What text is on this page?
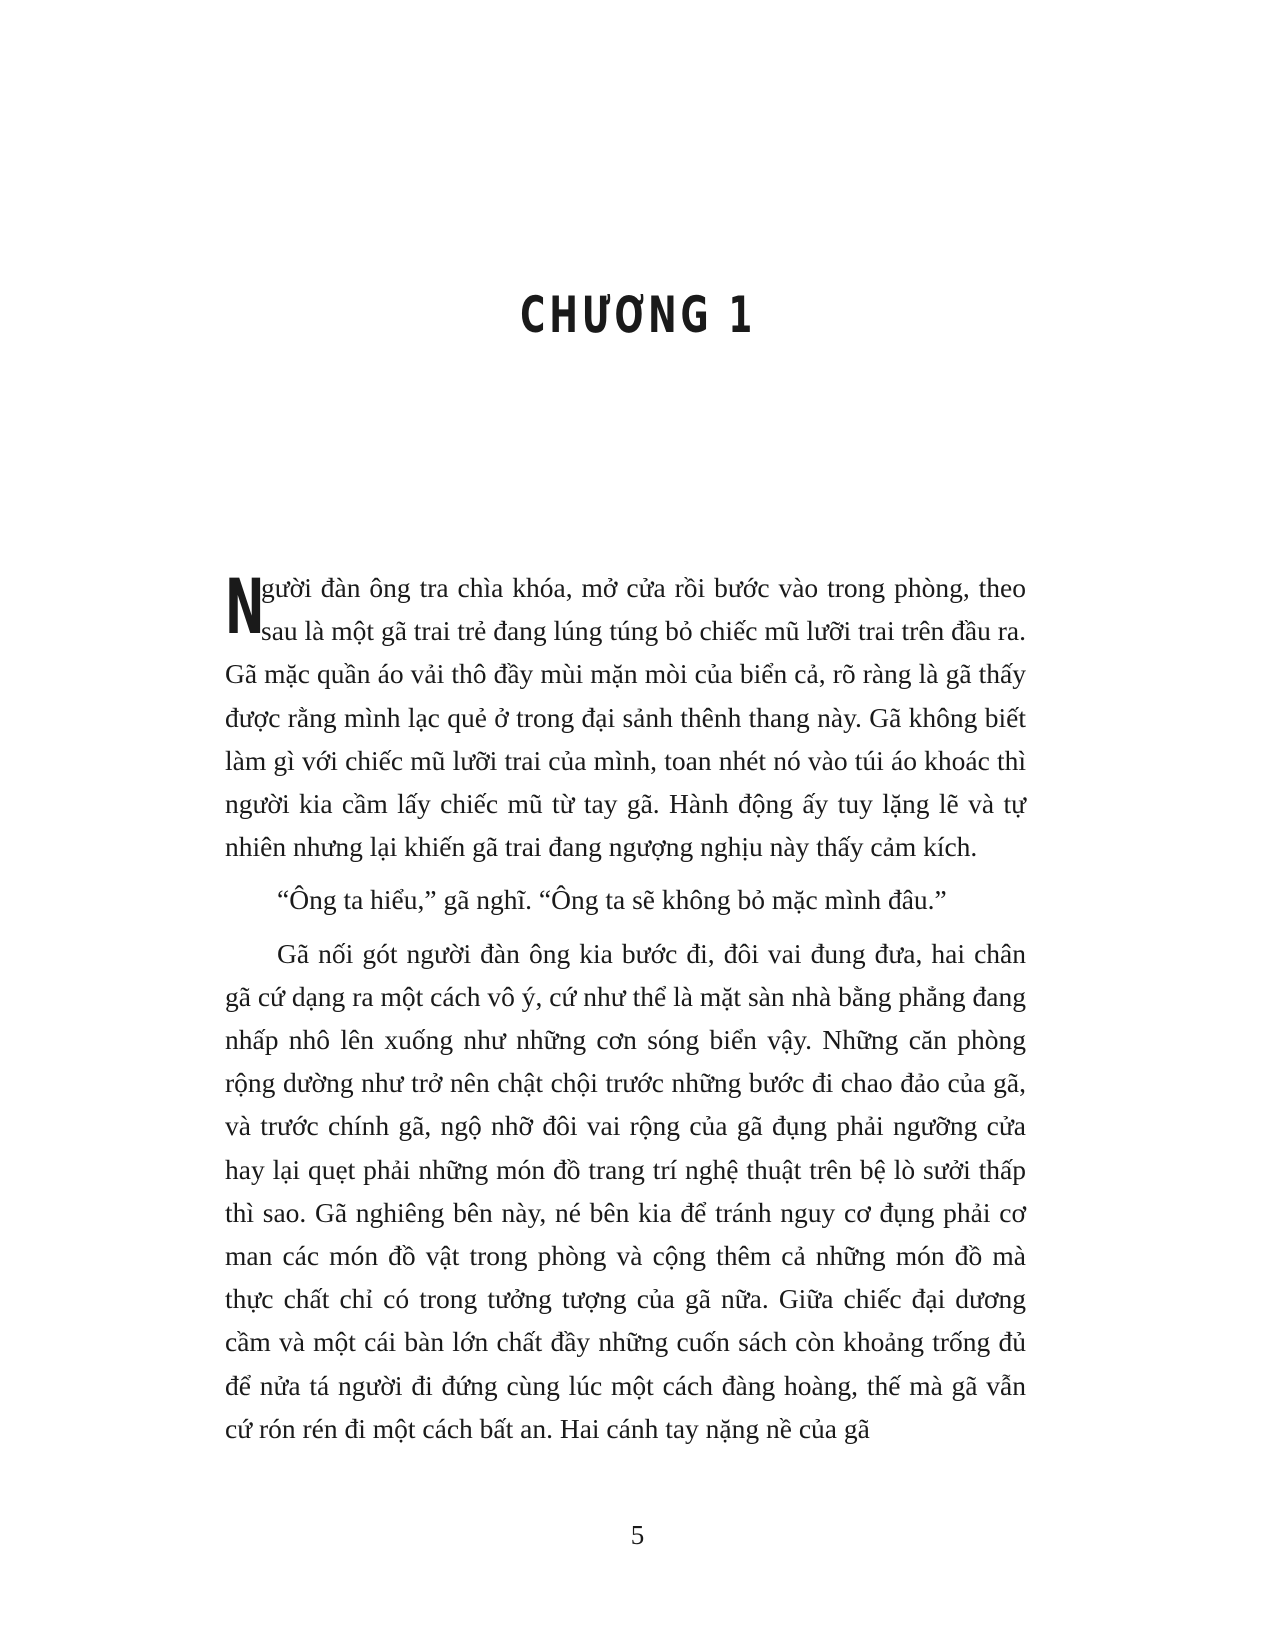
CHƯƠNG 1

N
gười đàn ông tra chìa khóa, mở cửa rồi bước vào trong phòng, theo sau là một gã trai trẻ đang lúng túng bỏ chiếc mũ lưỡi trai trên đầu ra. Gã mặc quần áo vải thô đầy mùi mặn mòi của biển cả, rõ ràng là gã thấy được rằng mình lạc quẻ ở trong đại sảnh thênh thang này. Gã không biết làm gì với chiếc mũ lưỡi trai của mình, toan nhét nó vào túi áo khoác thì người kia cầm lấy chiếc mũ từ tay gã. Hành động ấy tuy lặng lẽ và tự nhiên nhưng lại khiến gã trai đang ngượng nghịu này thấy cảm kích.

“Ông ta hiểu,” gã nghĩ. “Ông ta sẽ không bỏ mặc mình đâu.”

Gã nối gót người đàn ông kia bước đi, đôi vai đung đưa, hai chân gã cứ dạng ra một cách vô ý, cứ như thể là mặt sàn nhà bằng phẳng đang nhấp nhô lên xuống như những cơn sóng biển vậy. Những căn phòng rộng dường như trở nên chật chội trước những bước đi chao đảo của gã, và trước chính gã, ngộ nhỡ đôi vai rộng của gã đụng phải ngưỡng cửa hay lại quẹt phải những món đồ trang trí nghệ thuật trên bệ lò sưởi thấp thì sao. Gã nghiêng bên này, né bên kia để tránh nguy cơ đụng phải cơ man các món đồ vật trong phòng và cộng thêm cả những món đồ mà thực chất chỉ có trong tưởng tượng của gã nữa. Giữa chiếc đại dương cầm và một cái bàn lớn chất đầy những cuốn sách còn khoảng trống đủ để nửa tá người đi đứng cùng lúc một cách đàng hoàng, thế mà gã vẫn cứ rón rén đi một cách bất an. Hai cánh tay nặng nề của gã

5
